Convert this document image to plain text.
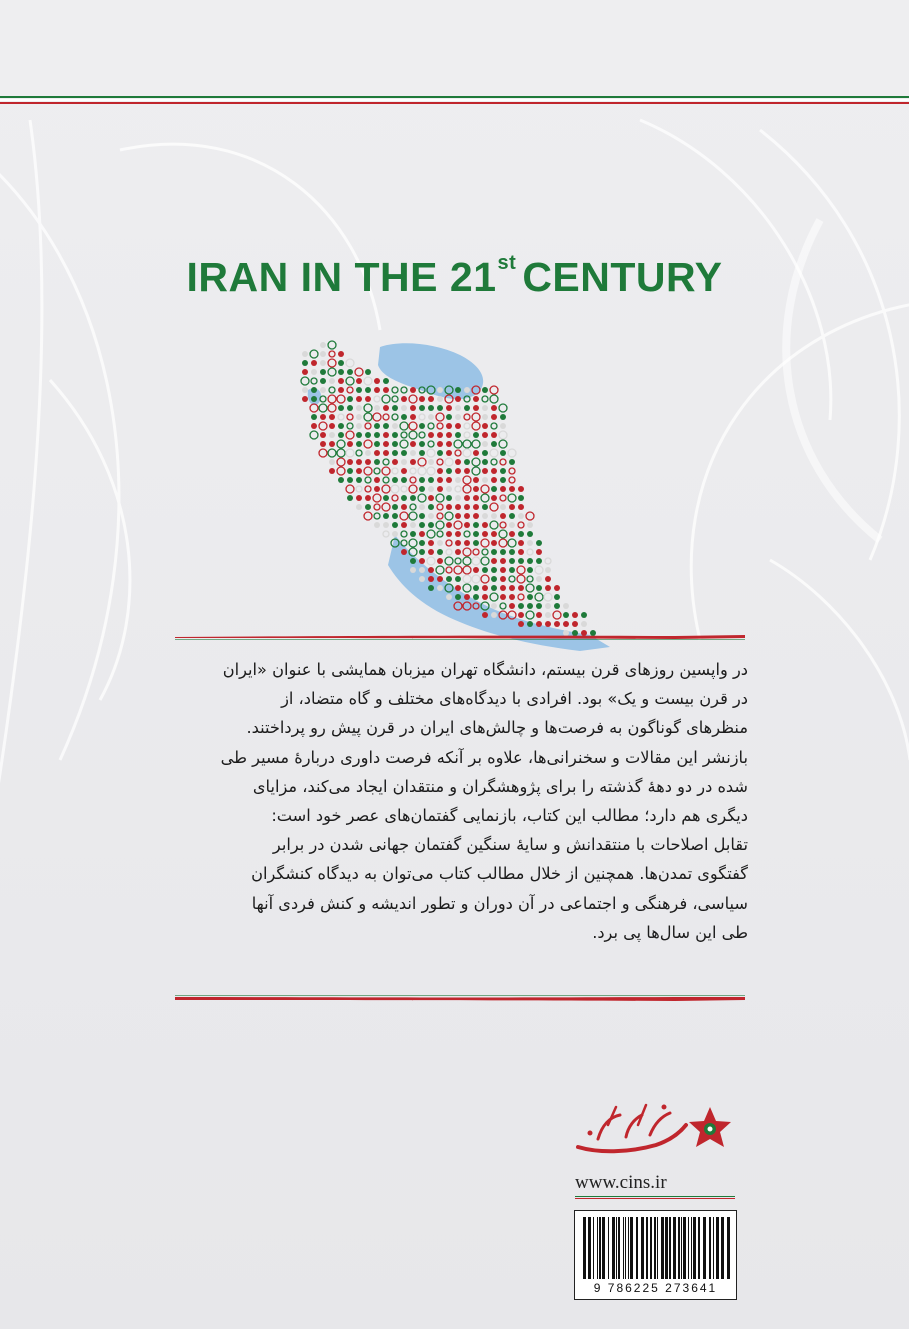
IRAN IN THE 21st CENTURY

در واپسین روزهای قرن بیستم، دانشگاه تهران میزبان همایشی با عنوان «ایران

در قرن بیست و یک» بود. افرادی با دیدگاه‌های مختلف و گاه متضاد، از

منظرهای گوناگون به فرصت‌ها و چالش‌های ایران در قرن پیش رو پرداختند.

بازنشر این مقالات و سخنرانی‌ها، علاوه بر آنکه فرصت داوری دربارهٔ مسیر طی

شده در دو دههٔ گذشته را برای پژوهشگران و منتقدان ایجاد می‌کند، مزایای

دیگری هم دارد؛ مطالب این کتاب، بازنمایی گفتمان‌های عصر خود است:

تقابل اصلاحات با منتقدانش و سایهٔ سنگین گفتمان جهانی شدن در برابر

گفتگوی تمدن‌ها. همچنین از خلال مطالب کتاب می‌توان به دیدگاه کنشگران

سیاسی، فرهنگی و اجتماعی در آن دوران و تطور اندیشه و کنش فردی آنها

طی این سال‌ها پی برد.

www.cins.ir
9 786225 273641
